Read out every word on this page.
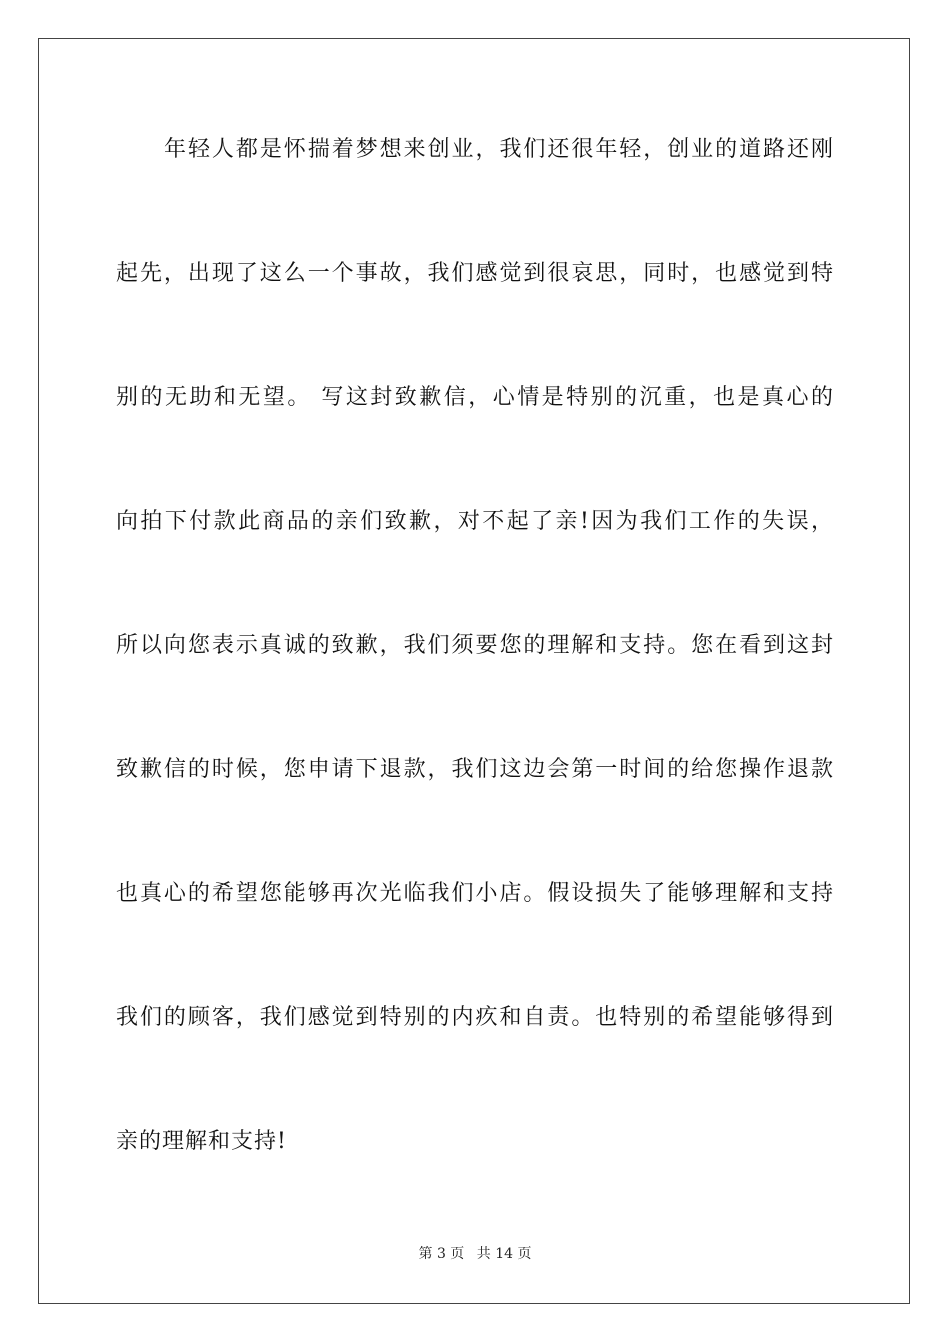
年轻人都是怀揣着梦想来创业，我们还很年轻，创业的道路还刚
起先，出现了这么一个事故，我们感觉到很哀思，同时，也感觉到特
别的无助和无望。 写这封致歉信，心情是特别的沉重，也是真心的
向拍下付款此商品的亲们致歉，对不起了亲!因为我们工作的失误，
所以向您表示真诚的致歉，我们须要您的理解和支持。您在看到这封
致歉信的时候，您申请下退款，我们这边会第一时间的给您操作退款
也真心的希望您能够再次光临我们小店。假设损失了能够理解和支持
我们的顾客，我们感觉到特别的内疚和自责。也特别的希望能够得到
亲的理解和支持!
第 3 页 共 14 页
